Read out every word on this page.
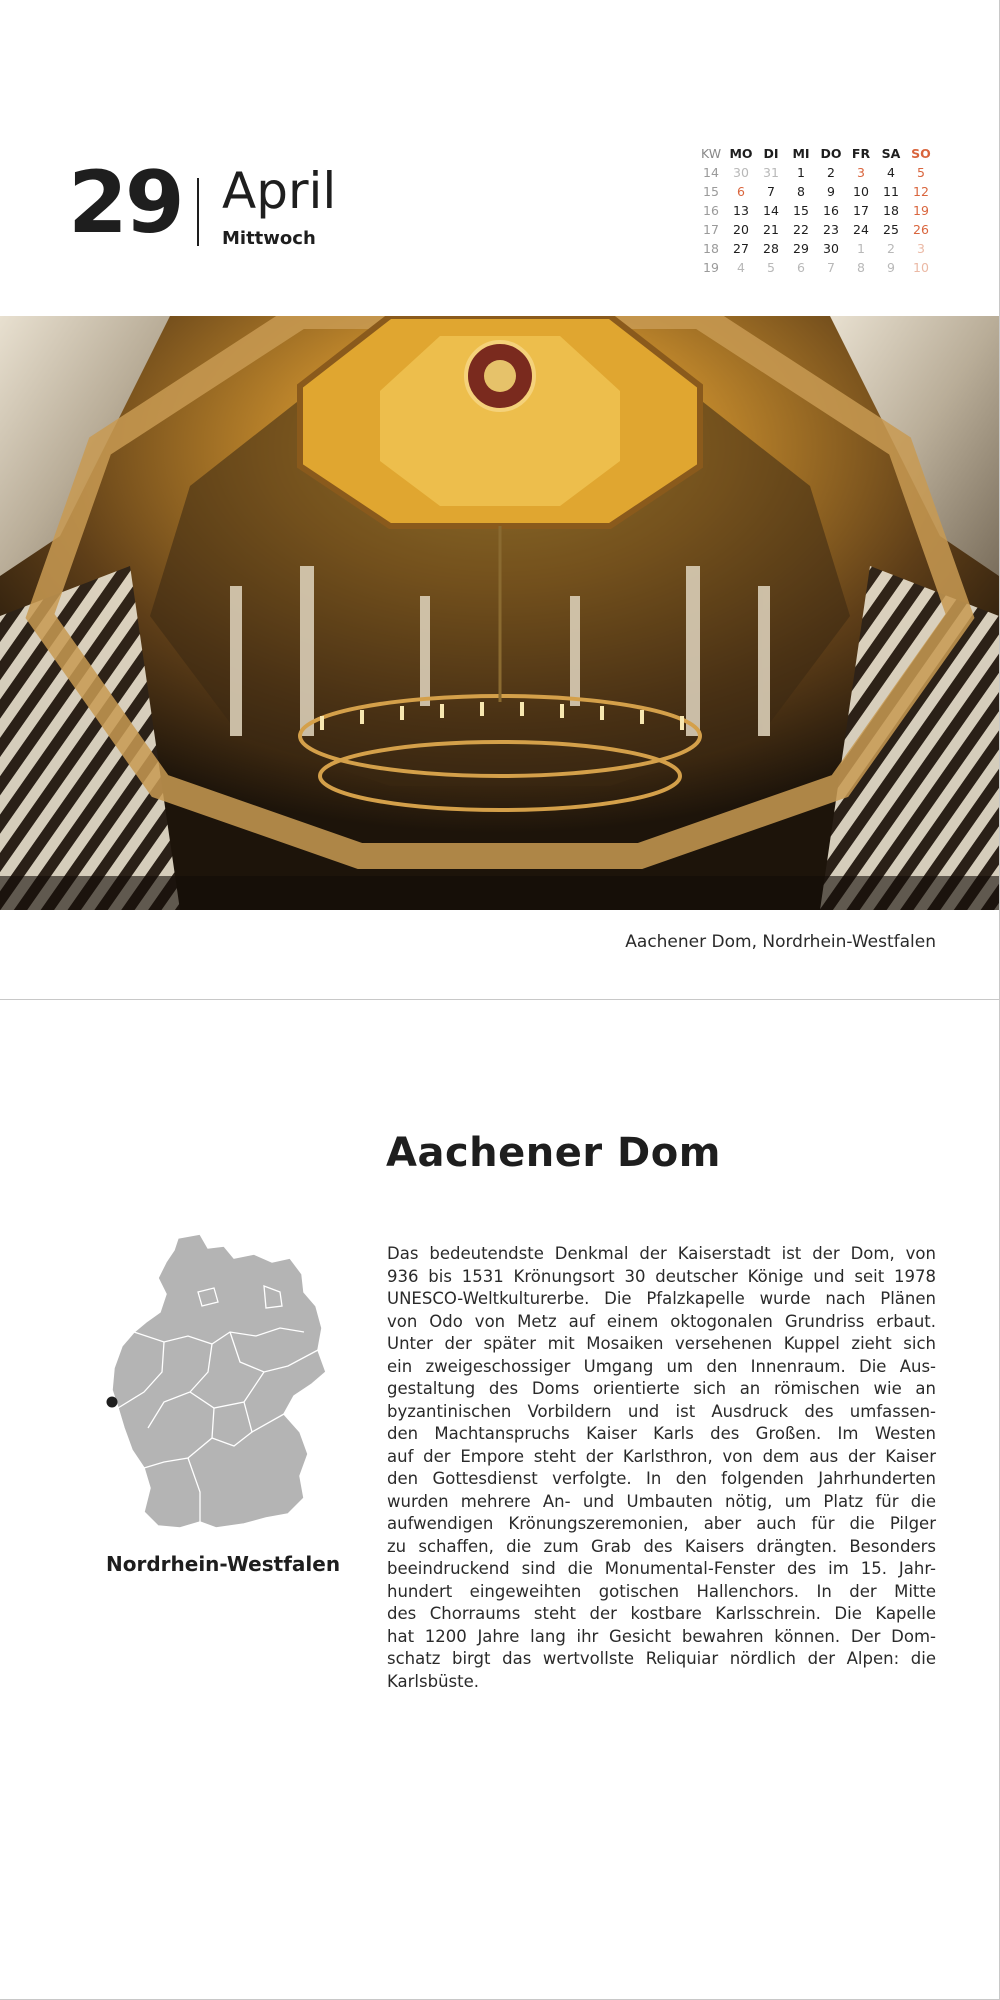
29 April
Mittwoch
KW	MO	DI	MI	DO	FR	SA	SO
14	30	31	1	2	3	4	5
15	6	7	8	9	10	11	12
16	13	14	15	16	17	18	19
17	20	21	22	23	24	25	26
18	27	28	29	30	1	2	3
19	4	5	6	7	8	9	10
Aachener Dom, Nordrhein-Westfalen
Aachener Dom
Das bedeutendste Denkmal der Kaiserstadt ist der Dom, von
936 bis 1531 Krönungsort 30 deutscher Könige und seit 1978
UNESCO-Weltkulturerbe. Die Pfalzkapelle wurde nach Plänen
von Odo von Metz auf einem oktogonalen Grundriss erbaut.
Unter der später mit Mosaiken versehenen Kuppel zieht sich
ein zweigeschossiger Umgang um den Innenraum. Die Aus-
gestaltung des Doms orientierte sich an römischen wie an
byzantinischen Vorbildern und ist Ausdruck des umfassen-
den Machtanspruchs Kaiser Karls des Großen. Im Westen
auf der Empore steht der Karlsthron, von dem aus der Kaiser
den Gottesdienst verfolgte. In den folgenden Jahrhunderten
wurden mehrere An- und Umbauten nötig, um Platz für die
aufwendigen Krönungszeremonien, aber auch für die Pilger
zu schaffen, die zum Grab des Kaisers drängten. Besonders
beeindruckend sind die Monumental-Fenster des im 15. Jahr-
hundert eingeweihten gotischen Hallenchors. In der Mitte
des Chorraums steht der kostbare Karlsschrein. Die Kapelle
hat 1200 Jahre lang ihr Gesicht bewahren können. Der Dom-
schatz birgt das wertvollste Reliquiar nördlich der Alpen: die
Karlsbüste.
Nordrhein-Westfalen
